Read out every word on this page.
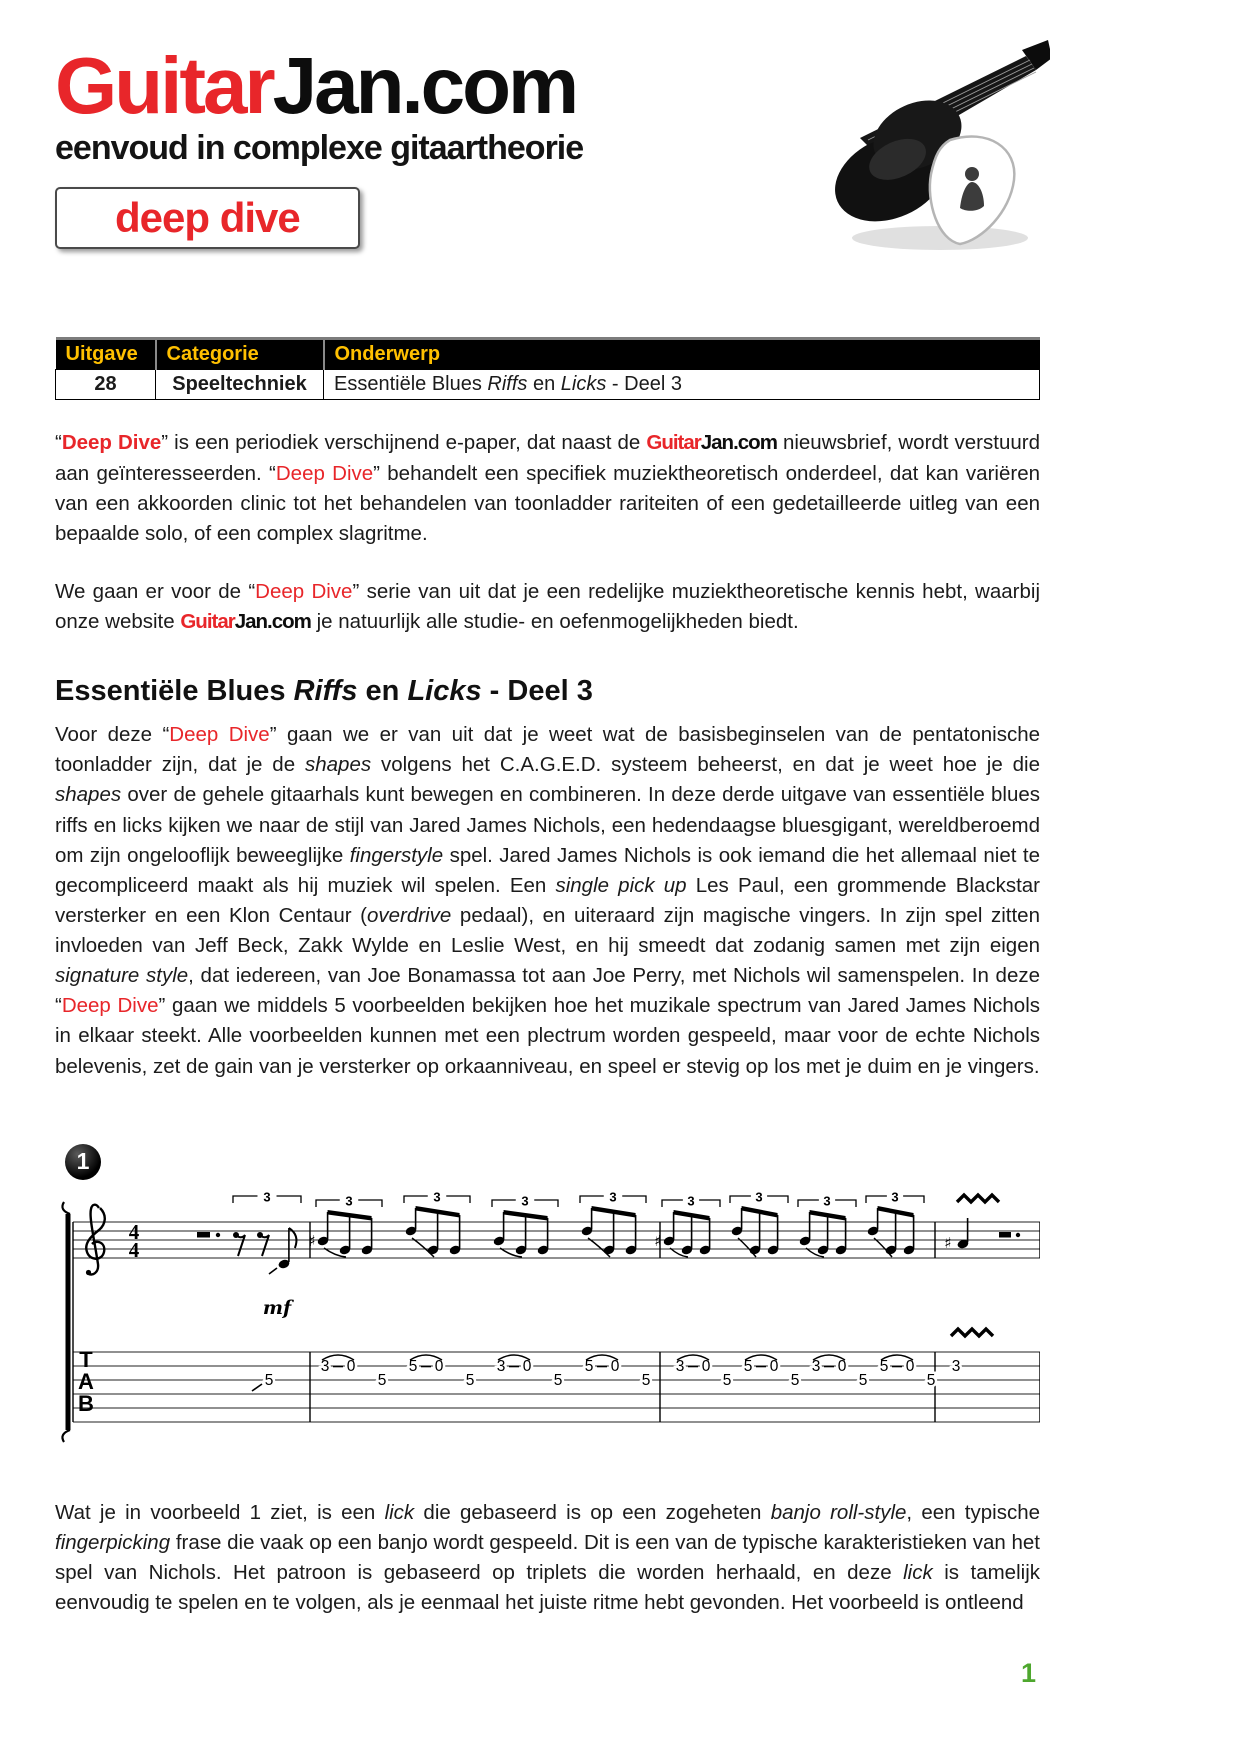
GuitarJan.com
eenvoud in complexe gitaartheorie
deep dive
Uitgave	Categorie	Onderwerp
28	Speeltechniek	Essentiële Blues Riffs en Licks - Deel 3

“Deep Dive” is een periodiek verschijnend e-paper, dat naast de GuitarJan.com nieuwsbrief, wordt verstuurd aan geïnteresseerden. “Deep Dive” behandelt een specifiek muziektheoretisch onderdeel, dat kan variëren van een akkoorden clinic tot het behandelen van toonladder rariteiten of een gedetailleerde uitleg van een bepaalde solo, of een complex slagritme.

We gaan er voor de “Deep Dive” serie van uit dat je een redelijke muziektheoretische kennis hebt, waarbij onze website GuitarJan.com je natuurlijk alle studie- en oefenmogelijkheden biedt.

Essentiële Blues Riffs en Licks - Deel 3

Voor deze “Deep Dive” gaan we er van uit dat je weet wat de basisbeginselen van de pentatonische toonladder zijn, dat je de shapes volgens het C.A.G.E.D. systeem beheerst, en dat je weet hoe je die shapes over de gehele gitaarhals kunt bewegen en combineren. In deze derde uitgave van essentiële blues riffs en licks kijken we naar de stijl van Jared James Nichols, een hedendaagse bluesgigant, wereldberoemd om zijn ongelooflijk beweeglijke fingerstyle spel. Jared James Nichols is ook iemand die het allemaal niet te gecompliceerd maakt als hij muziek wil spelen. Een single pick up Les Paul, een grommende Blackstar versterker en een Klon Centaur (overdrive pedaal), en uiteraard zijn magische vingers. In zijn spel zitten invloeden van Jeff Beck, Zakk Wylde en Leslie West, en hij smeedt dat zodanig samen met zijn eigen signature style, dat iedereen, van Joe Bonamassa tot aan Joe Perry, met Nichols wil samenspelen. In deze “Deep Dive” gaan we middels 5 voorbeelden bekijken hoe het muzikale spectrum van Jared James Nichols in elkaar steekt. Alle voorbeelden kunnen met een plectrum worden gespeeld, maar voor de echte Nichols belevenis, zet de gain van je versterker op orkaanniveau, en speel er stevig op los met je duim en je vingers.

1
4
4
3
mf
♯
3	3	3	3
♯
3	3	3	3
♯
T
A
B
5
3 0
5
5 0
5
3 0
5
5 0
5
3 0
5
5 0
5
3 0
5
5 0
5
3

Wat je in voorbeeld 1 ziet, is een lick die gebaseerd is op een zogeheten banjo roll-style, een typische fingerpicking frase die vaak op een banjo wordt gespeeld. Dit is een van de typische karakteristieken van het spel van Nichols. Het patroon is gebaseerd op triplets die worden herhaald, en deze lick is tamelijk eenvoudig te spelen en te volgen, als je eenmaal het juiste ritme hebt gevonden. Het voorbeeld is ontleend

1
